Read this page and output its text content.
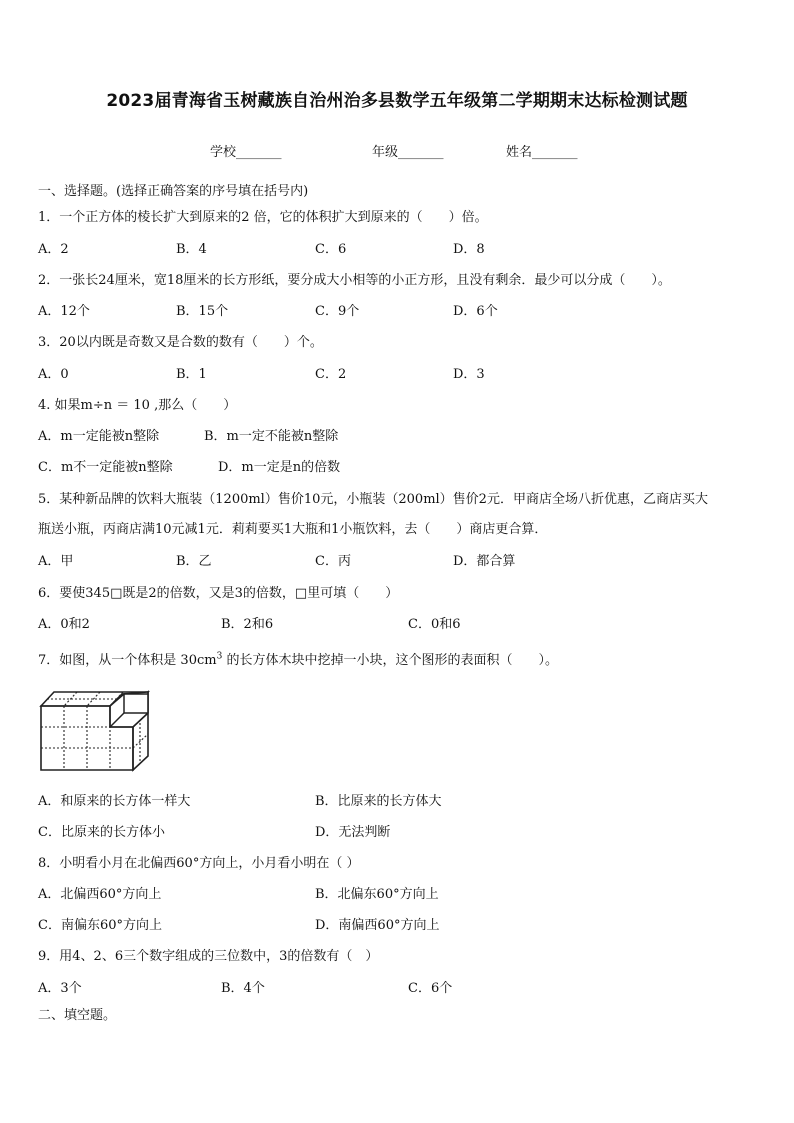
2023届青海省玉树藏族自治州治多县数学五年级第二学期期末达标检测试题
学校_______	年级_______	姓名_______
一、选择题。(选择正确答案的序号填在括号内)
1．一个正方体的棱长扩大到原来的2 倍，它的体积扩大到原来的（　　）倍。
A．2	B．4	C．6	D．8
2．一张长24厘米，宽18厘米的长方形纸，要分成大小相等的小正方形，且没有剩余．最少可以分成（　　）。
A．12个	B．15个	C．9个	D．6个
3．20以内既是奇数又是合数的数有（　　）个。
A．0	B．1	C．2	D．3
4. 如果m÷n ＝ 10 ,那么（　　）
A．m一定能被n整除	B．m一定不能被n整除
C．m不一定能被n整除	D．m一定是n的倍数
5．某种新品牌的饮料大瓶装（1200ml）售价10元，小瓶装（200ml）售价2元．甲商店全场八折优惠，乙商店买大
瓶送小瓶，丙商店满10元减1元．莉莉要买1大瓶和1小瓶饮料，去（　　）商店更合算．
A．甲	B．乙	C．丙	D．都合算
6．要使345□既是2的倍数，又是3的倍数，□里可填（　　）
A．0和2	B．2和6	C．0和6
7．如图，从一个体积是 $30cm^3$ 的长方体木块中挖掉一小块，这个图形的表面积（　　）。
A．和原来的长方体一样大	B．比原来的长方体大
C．比原来的长方体小	D．无法判断
8．小明看小月在北偏西60°方向上，小月看小明在（ ）
A．北偏西60°方向上	B．北偏东60°方向上
C．南偏东60°方向上	D．南偏西60°方向上
9．用4、2、6三个数字组成的三位数中，3的倍数有（　）
A．3个	B．4个	C．6个
二、填空题。
